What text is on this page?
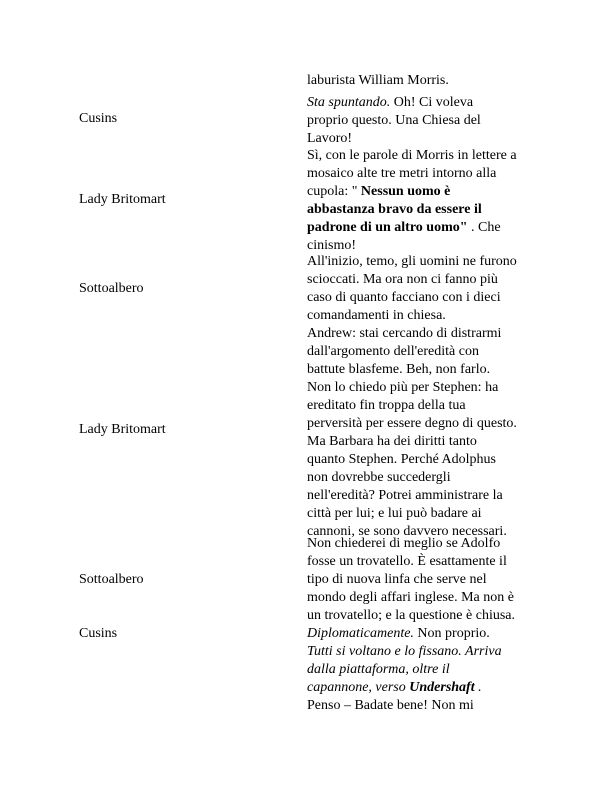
laburista William Morris.
Cusins
Sta spuntando. Oh! Ci voleva
proprio questo. Una Chiesa del
Lavoro!
Lady Britomart
Sì, con le parole di Morris in lettere a
mosaico alte tre metri intorno alla
cupola: " Nessun uomo è
abbastanza bravo da essere il
padrone di un altro uomo" . Che
cinismo!
Sottoalbero
All'inizio, temo, gli uomini ne furono
scioccati. Ma ora non ci fanno più
caso di quanto facciano con i dieci
comandamenti in chiesa.
Lady Britomart
Andrew: stai cercando di distrarmi
dall'argomento dell'eredità con
battute blasfeme. Beh, non farlo.
Non lo chiedo più per Stephen: ha
ereditato fin troppa della tua
perversità per essere degno di questo.
Ma Barbara ha dei diritti tanto
quanto Stephen. Perché Adolphus
non dovrebbe succedergli
nell'eredità? Potrei amministrare la
città per lui; e lui può badare ai
cannoni, se sono davvero necessari.
Sottoalbero
Non chiederei di meglio se Adolfo
fosse un trovatello. È esattamente il
tipo di nuova linfa che serve nel
mondo degli affari inglese. Ma non è
un trovatello; e la questione è chiusa.
Cusins	Diplomaticamente. Non proprio.
Tutti si voltano e lo fissano. Arriva
dalla piattaforma, oltre il
capannone, verso Undershaft .
Penso – Badate bene! Non mi
